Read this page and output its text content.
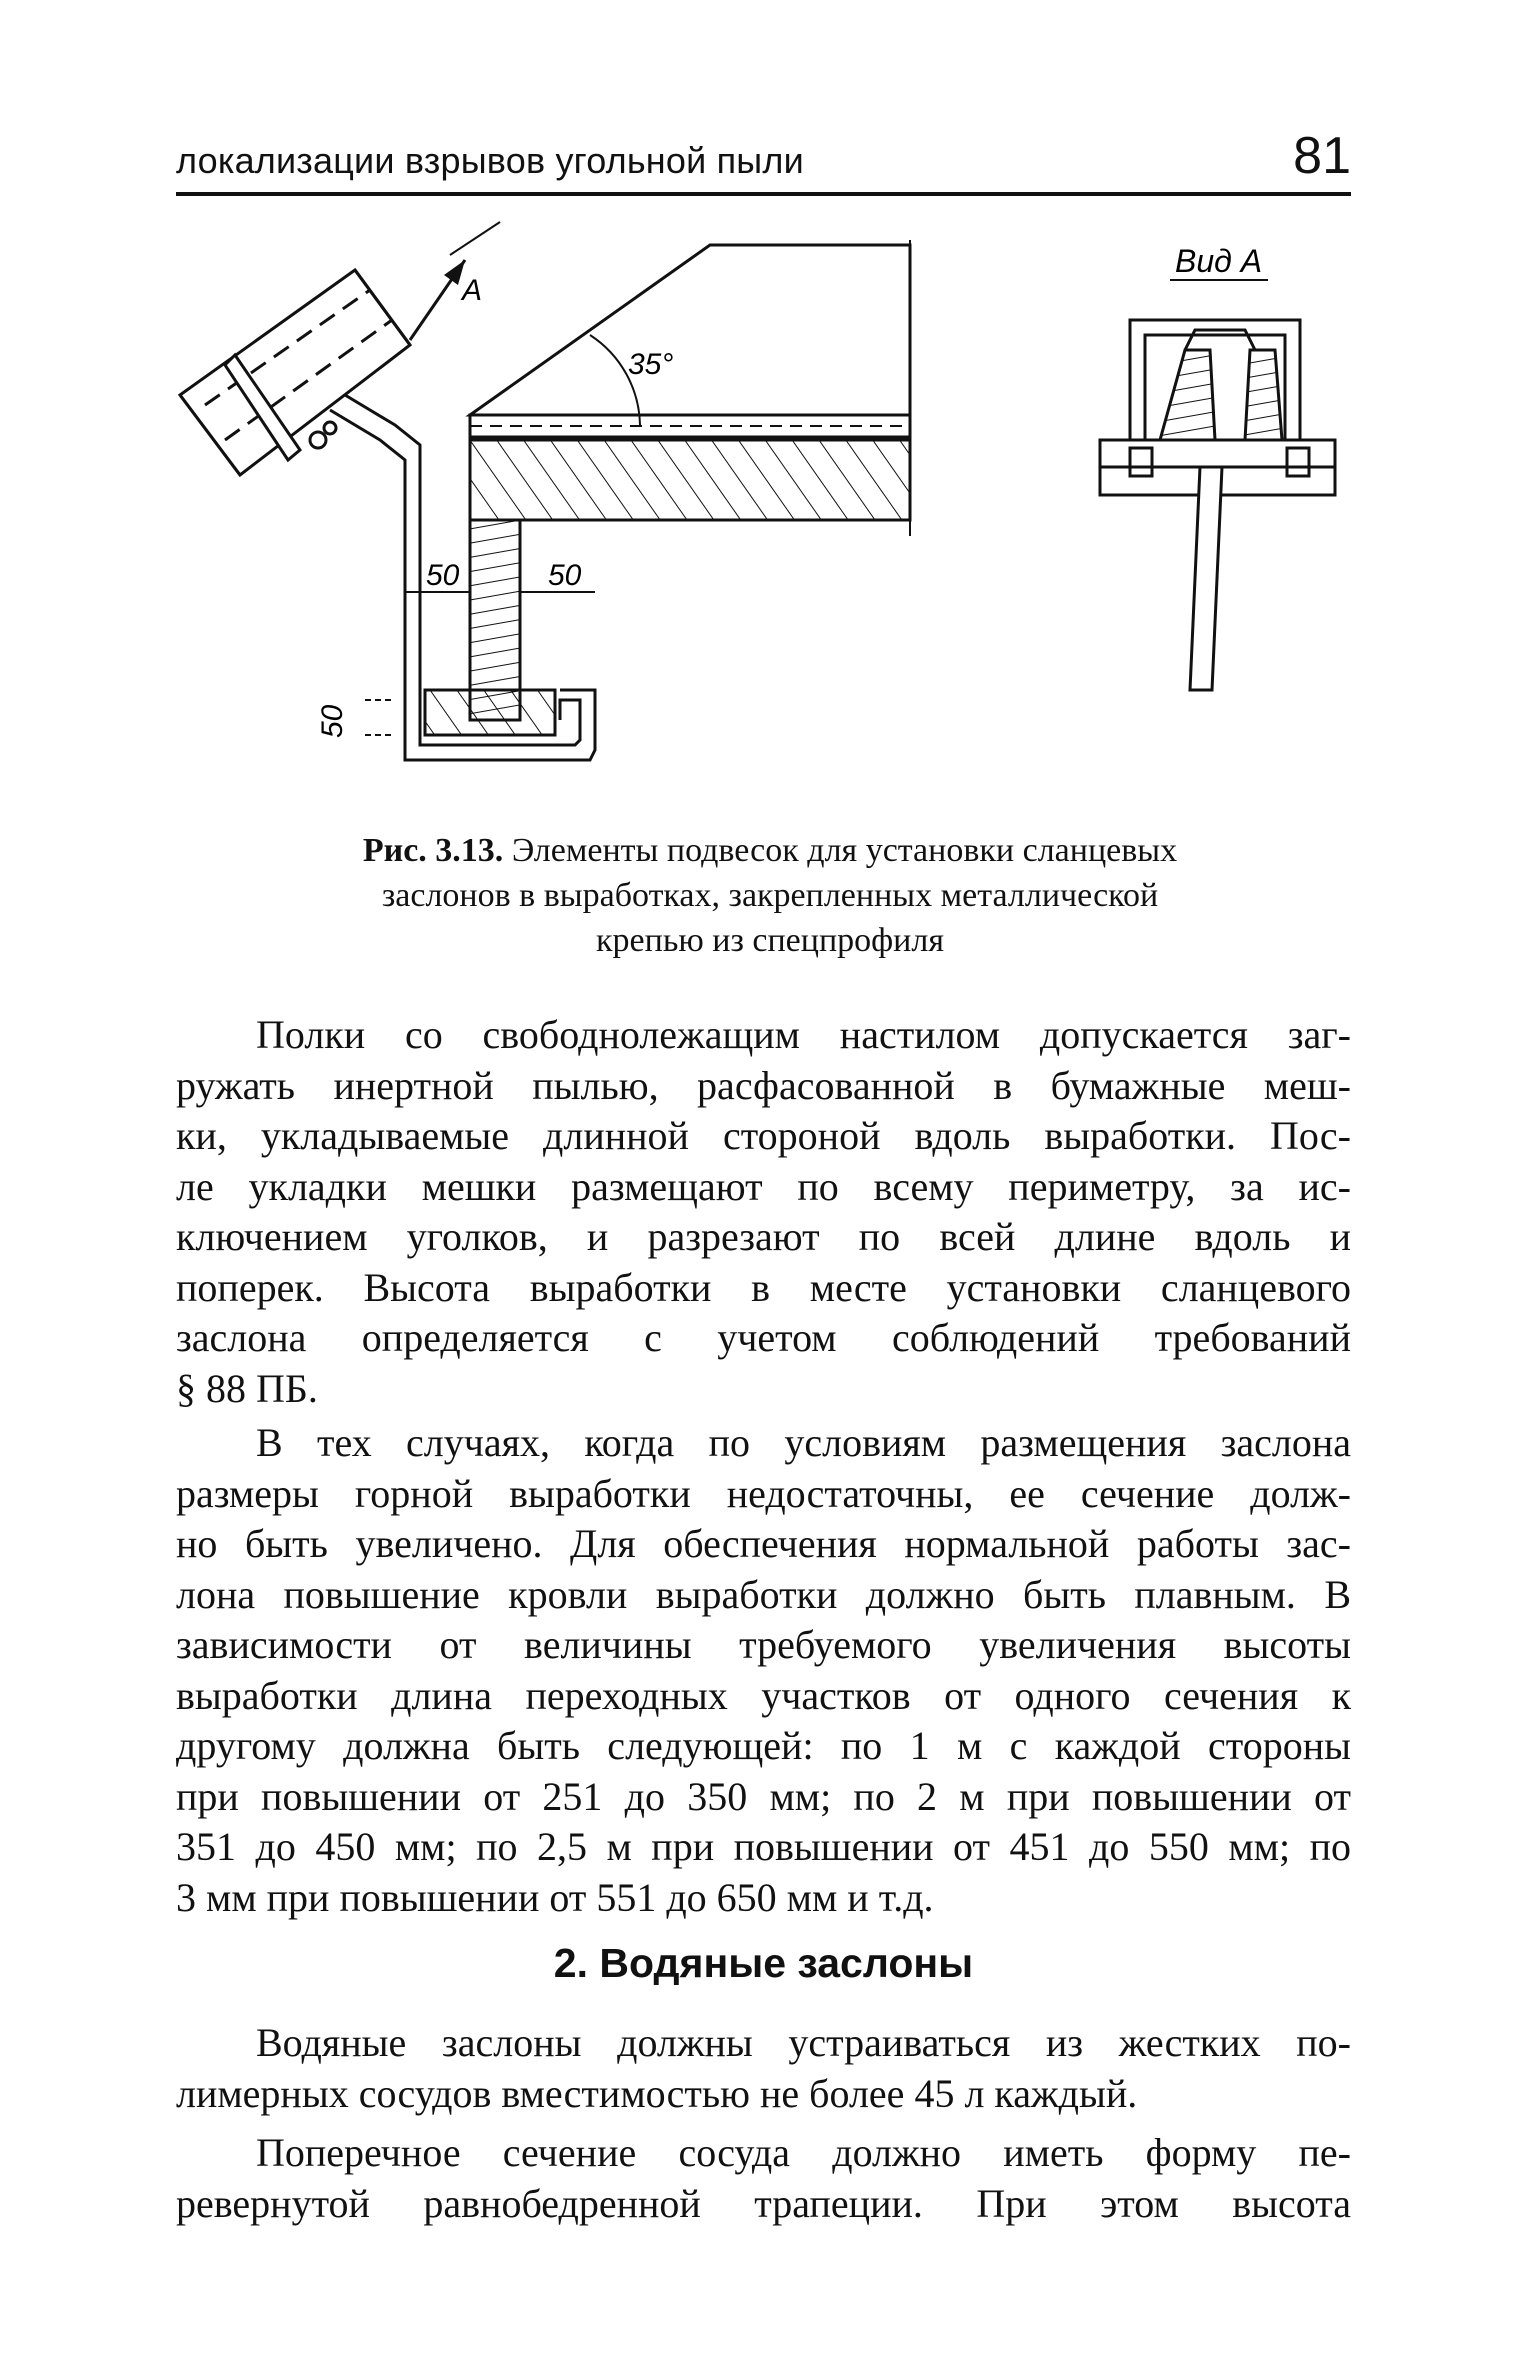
локализации взрывов угольной пыли	81
А
35°
50	50
50
Вид А
Рис. 3.13. Элементы подвесок для установки сланцевых
заслонов в выработках, закрепленных металлической
крепью из спецпрофиля

Полки со свободнолежащим настилом допускается заг-
ружать инертной пылью, расфасованной в бумажные меш-
ки, укладываемые длинной стороной вдоль выработки. Пос-
ле укладки мешки размещают по всему периметру, за ис-
ключением уголков, и разрезают по всей длине вдоль и
поперек. Высота выработки в месте установки сланцевого
заслона определяется с учетом соблюдений требований
§ 88 ПБ.

В тех случаях, когда по условиям размещения заслона
размеры горной выработки недостаточны, ее сечение долж-
но быть увеличено. Для обеспечения нормальной работы зас-
лона повышение кровли выработки должно быть плавным. В
зависимости от величины требуемого увеличения высоты
выработки длина переходных участков от одного сечения к
другому должна быть следующей: по 1 м с каждой стороны
при повышении от 251 до 350 мм; по 2 м при повышении от
351 до 450 мм; по 2,5 м при повышении от 451 до 550 мм; по
3 мм при повышении от 551 до 650 мм и т.д.

2. Водяные заслоны

Водяные заслоны должны устраиваться из жестких по-
лимерных сосудов вместимостью не более 45 л каждый.

Поперечное сечение сосуда должно иметь форму пе-
ревернутой равнобедренной трапеции. При этом высота
